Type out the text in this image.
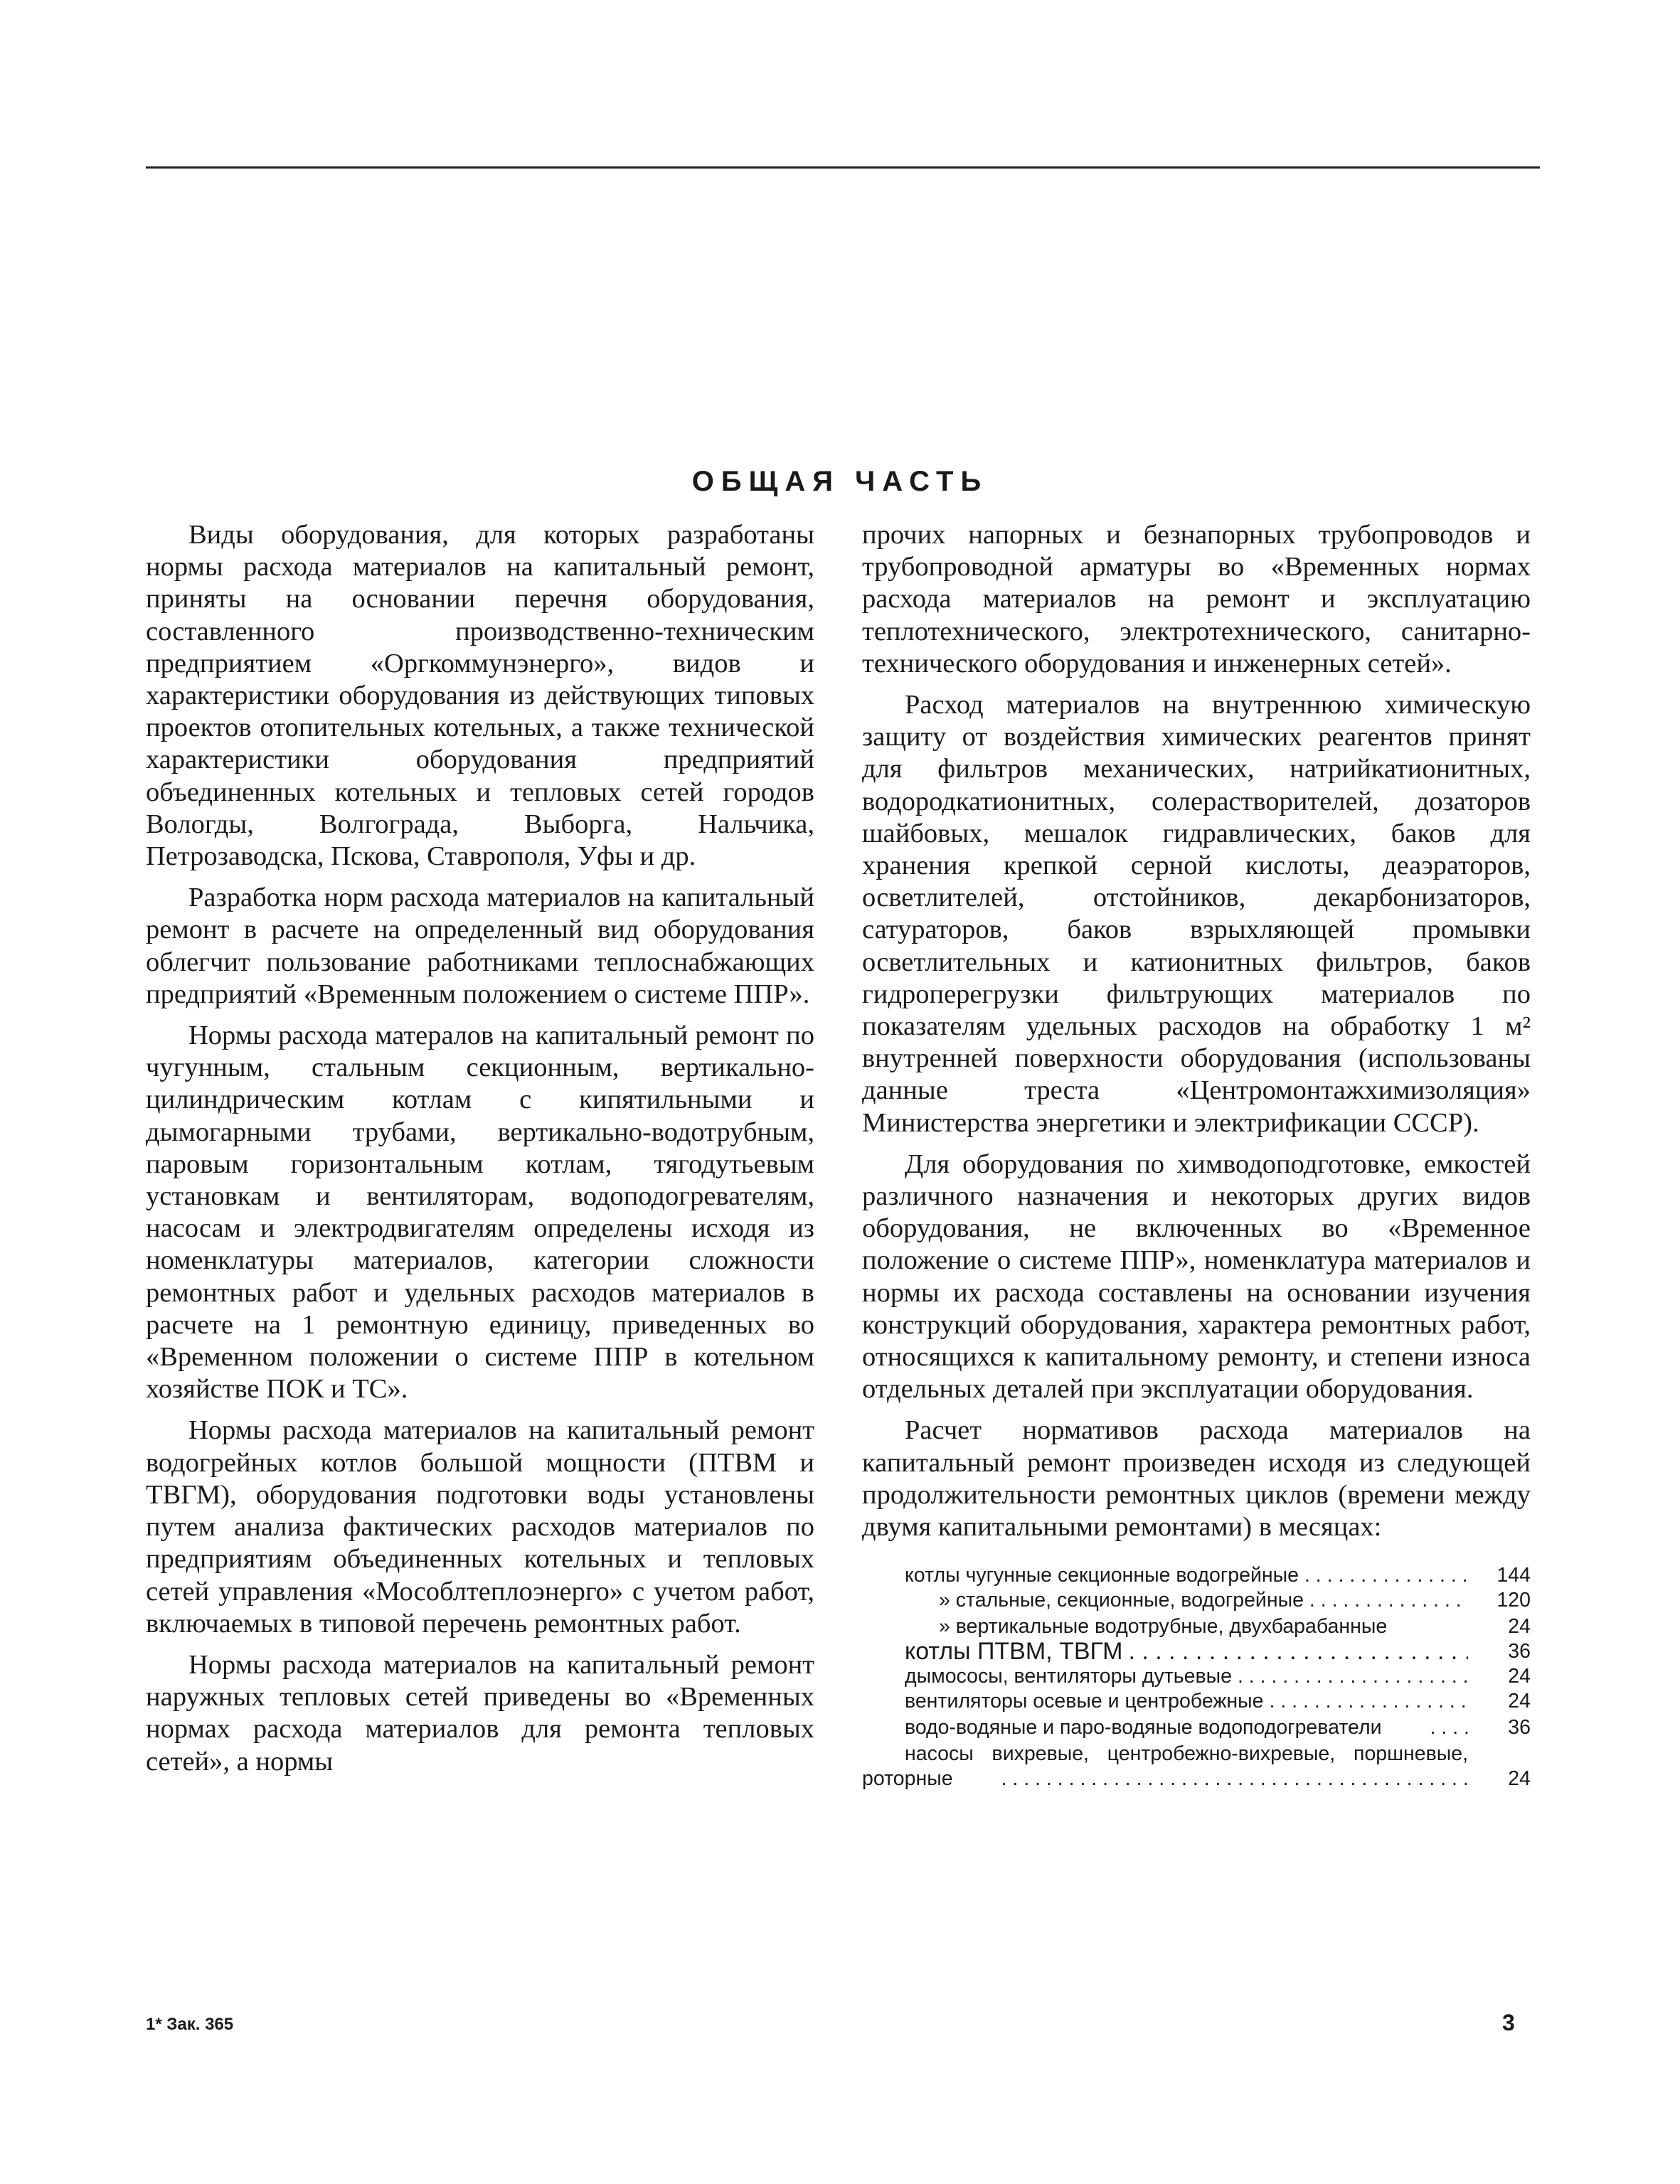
ОБЩАЯ ЧАСТЬ

Виды оборудования, для которых разработаны нормы расхода материалов на капитальный ремонт, приняты на основании перечня оборудования, составленного производственно-техническим предприятием «Оргкоммунэнерго», видов и характеристики оборудования из действующих типовых проектов отопительных котельных, а также технической характеристики оборудования предприятий объединенных котельных и тепловых сетей городов Вологды, Волгограда, Выборга, Нальчика, Петрозаводска, Пскова, Ставрополя, Уфы и др.

Разработка норм расхода материалов на капитальный ремонт в расчете на определенный вид оборудования облегчит пользование работниками теплоснабжающих предприятий «Временным положением о системе ППР».

Нормы расхода матерaлов на капитальный ремонт по чугунным, стальным секционным, вертикально-цилиндрическим котлам с кипятильными и дымогарными трубами, вертикально-водотрубным, паровым горизонтальным котлам, тягодутьевым установкам и вентиляторам, водоподогревателям, насосам и электродвигателям определены исходя из номенклатуры материалов, категории сложности ремонтных работ и удельных расходов материалов в расчете на 1 ремонтную единицу, приведенных во «Временном положении о системе ППР в котельном хозяйстве ПОК и ТС».

Нормы расхода материалов на капитальный ремонт водогрейных котлов большой мощности (ПТВМ и ТВГМ), оборудования подготовки воды установлены путем анализа фактических расходов материалов по предприятиям объединенных котельных и тепловых сетей управления «Мособлтеплоэнерго» с учетом работ, включаемых в типовой перечень ремонтных работ.

Нормы расхода материалов на капитальный ремонт наружных тепловых сетей приведены во «Временных нормах расхода материалов для ремонта тепловых сетей», а нормы

прочих напорных и безнапорных трубопроводов и трубопроводной арматуры во «Временных нормах расхода материалов на ремонт и эксплуатацию теплотехнического, электротехнического, санитарно-технического оборудования и инженерных сетей».

Расход материалов на внутреннюю химическую защиту от воздействия химических реагентов принят для фильтров механических, натрийкатионитных, водородкатионитных, солерастворителей, дозаторов шайбовых, мешалок гидравлических, баков для хранения крепкой серной кислоты, деаэраторов, осветлителей, отстойников, декарбонизаторов, сатураторов, баков взрыхляющей промывки осветлительных и катионитных фильтров, баков гидроперегрузки фильтрующих материалов по показателям удельных расходов на обработку 1 м² внутренней поверхности оборудования (использованы данные треста «Центромонтажхимизоляция» Министерства энергетики и электрификации СССР).

Для оборудования по химводоподготовке, емкостей различного назначения и некоторых других видов оборудования, не включенных во «Временное положение о системе ППР», номенклатура материалов и нормы их расхода составлены на основании изучения конструкций оборудования, характера ремонтных работ, относящихся к капитальному ремонту, и степени износа отдельных деталей при эксплуатации оборудования.

Расчет нормативов расхода материалов на капитальный ремонт произведен исходя из следующей продолжительности ремонтных циклов (времени между двумя капитальными ремонтами) в месяцах:

котлы чугунные секционные водогрейные . . .	144
» стальные, секционные, водогрейные . . .	120
» вертикальные водотрубные, двухбарабанные . . .	24
котлы ПТВМ, ТВГМ . . .	36
дымососы, вентиляторы дутьевые . . .	24
вентиляторы осевые и центробежные . . .	24
водо-водяные и паро-водяные водоподогреватели . . .	36
насосы вихревые, центробежно-вихревые, поршневые, роторные . . .	24
1* Зак. 365	3
